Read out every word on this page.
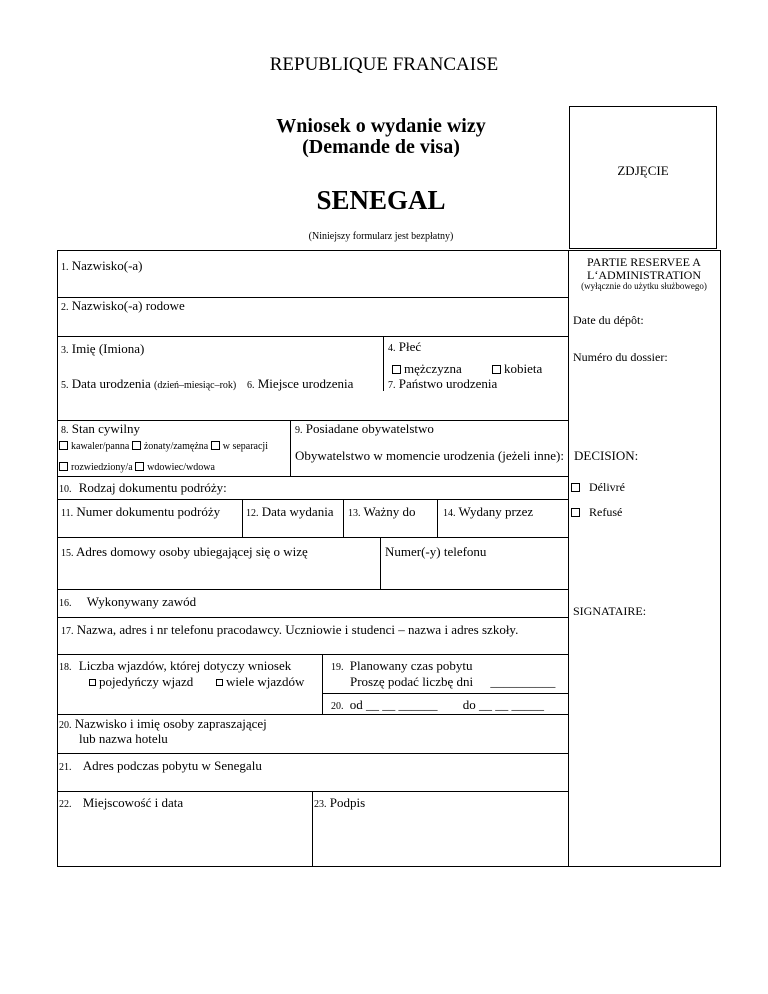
REPUBLIQUE FRANCAISE
Wniosek o wydanie wizy
(Demande de visa)
SENEGAL
(Niniejszy formularz jest bezpłatny)
ZDJĘCIE
1. Nazwisko(-a)
2. Nazwisko(-a) rodowe
3. Imię (Imiona)	4. Płeć
mężczyzna	kobieta
5. Data urodzenia (dzień–miesiąc–rok) 6. Miejsce urodzenia	7. Państwo urodzenia
8. Stan cywilny
kawaler/panna żonaty/zamężna w separacji
rozwiedziony/a wdowiec/wdowa
9. Posiadane obywatelstwo
Obywatelstwo w momencie urodzenia (jeżeli inne):
10. Rodzaj dokumentu podróży:
11. Numer dokumentu podróży	12. Data wydania 13. Ważny do	14. Wydany przez
15. Adres domowy osoby ubiegającej się o wizę	Numer(-y) telefonu
16. Wykonywany zawód
17. Nazwa, adres i nr telefonu pracodawcy. Uczniowie i studenci – nazwa i adres szkoły.
18. Liczba wjazdów, której dotyczy wniosek
pojedyńczy wjazd	wiele wjazdów
19. Planowany czas pobytu
Proszę podać liczbę dni __________
20. od __ __ ______ do __ __ _____
20. Nazwisko i imię osoby zapraszającej
lub nazwa hotelu
21. Adres podczas pobytu w Senegalu
22. Miejscowość i data	23. Podpis
PARTIE RESERVEE A
L‘ADMINISTRATION
(wyłącznie do użytku służbowego)
Date du dépôt:
Numéro du dossier:
DECISION:
Délivré
Refusé
SIGNATAIRE:
